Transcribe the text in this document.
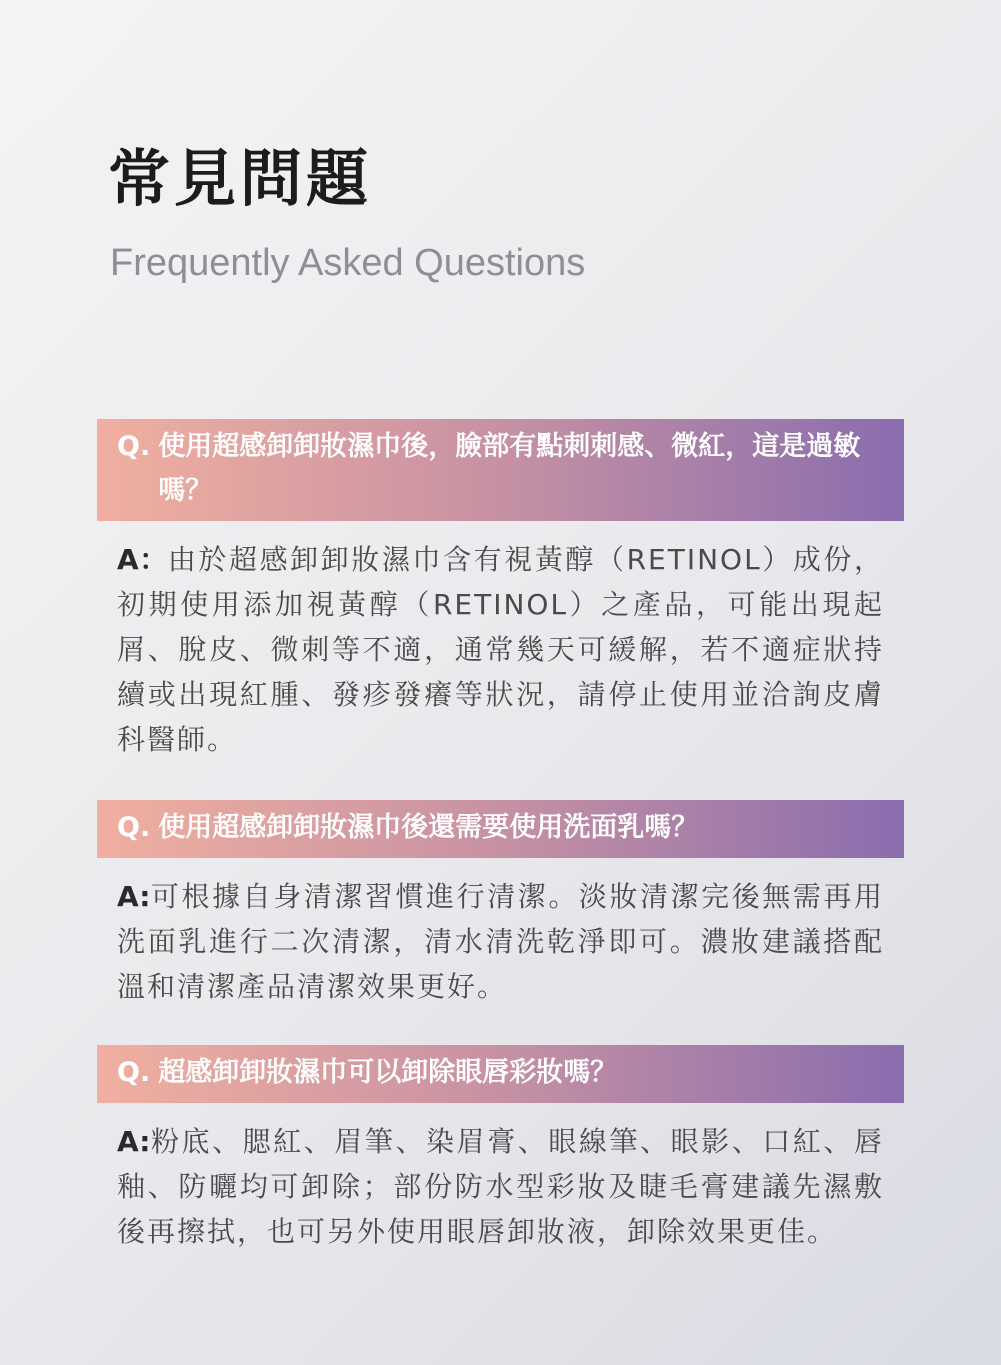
常見問題
Frequently Asked Questions
Q. 使用超感卸卸妝濕巾後，臉部有點刺刺感、微紅，這是過敏嗎？
A：由於超感卸卸妝濕巾含有視黃醇（RETINOL）成份，初期使用添加視黃醇（RETINOL）之產品，可能出現起屑、脫皮、微刺等不適，通常幾天可緩解，若不適症狀持續或出現紅腫、發疹發癢等狀況，請停止使用並洽詢皮膚科醫師。
Q. 使用超感卸卸妝濕巾後還需要使用洗面乳嗎？
A:可根據自身清潔習慣進行清潔。淡妝清潔完後無需再用洗面乳進行二次清潔，清水清洗乾淨即可。濃妝建議搭配溫和清潔產品清潔效果更好。
Q. 超感卸卸妝濕巾可以卸除眼唇彩妝嗎？
A:粉底、腮紅、眉筆、染眉膏、眼線筆、眼影、口紅、唇釉、防曬均可卸除；部份防水型彩妝及睫毛膏建議先濕敷後再擦拭，也可另外使用眼唇卸妝液，卸除效果更佳。
